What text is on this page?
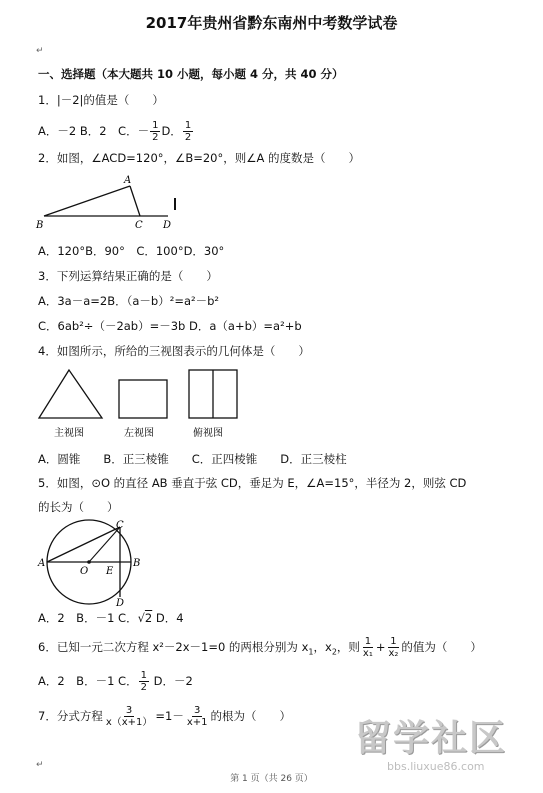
2017年贵州省黔东南州中考数学试卷
一、选择题（本大题共 10 小题，每小题 4 分，共 40 分）
1．|－2|的值是（　　）
A．－2 B．2　C．－ $\frac{1}{2}$ D． $\frac{1}{2}$
2．如图，∠ACD=120°，∠B=20°，则∠A 的度数是（　　）
A
B	C D
A．120°B．90°　C．100°D．30°
3．下列运算结果正确的是（　　）
A．3a－a=2B．（a－b）²=a²－b²
C．6ab²÷（－2ab）=－3b D．a（a+b）=a²+b
4．如图所示，所给的三视图表示的几何体是（　　）
主视图	左视图	俯视图
A．圆锥　　B．正三棱锥　　C．正四棱锥　　D．正三棱柱
5．如图，⊙O 的直径 AB 垂直于弦 CD，垂足为 E，∠A=15°，半径为 2，则弦 CD
的长为（　　）
A	B
C
D
O E
A．2　B．－1 C．√2 D．4
6．已知一元二次方程 x²－2x－1=0 的两根分别为 $x_1$，$x_2$，则 $\frac{1}{\text{x₁}} + \frac{1}{\text{x₂}}$ 的值为（　　）
A．2　B．－1 C． $\frac{1}{2}$ D．－2
7．分式方程 $\frac{3}{x(x+1)} =1- \frac{3}{x+1}$ 的根为（　　）
↵
↵
第 1 页（共 26 页）
留学社区
bbs.liuxue86.com
